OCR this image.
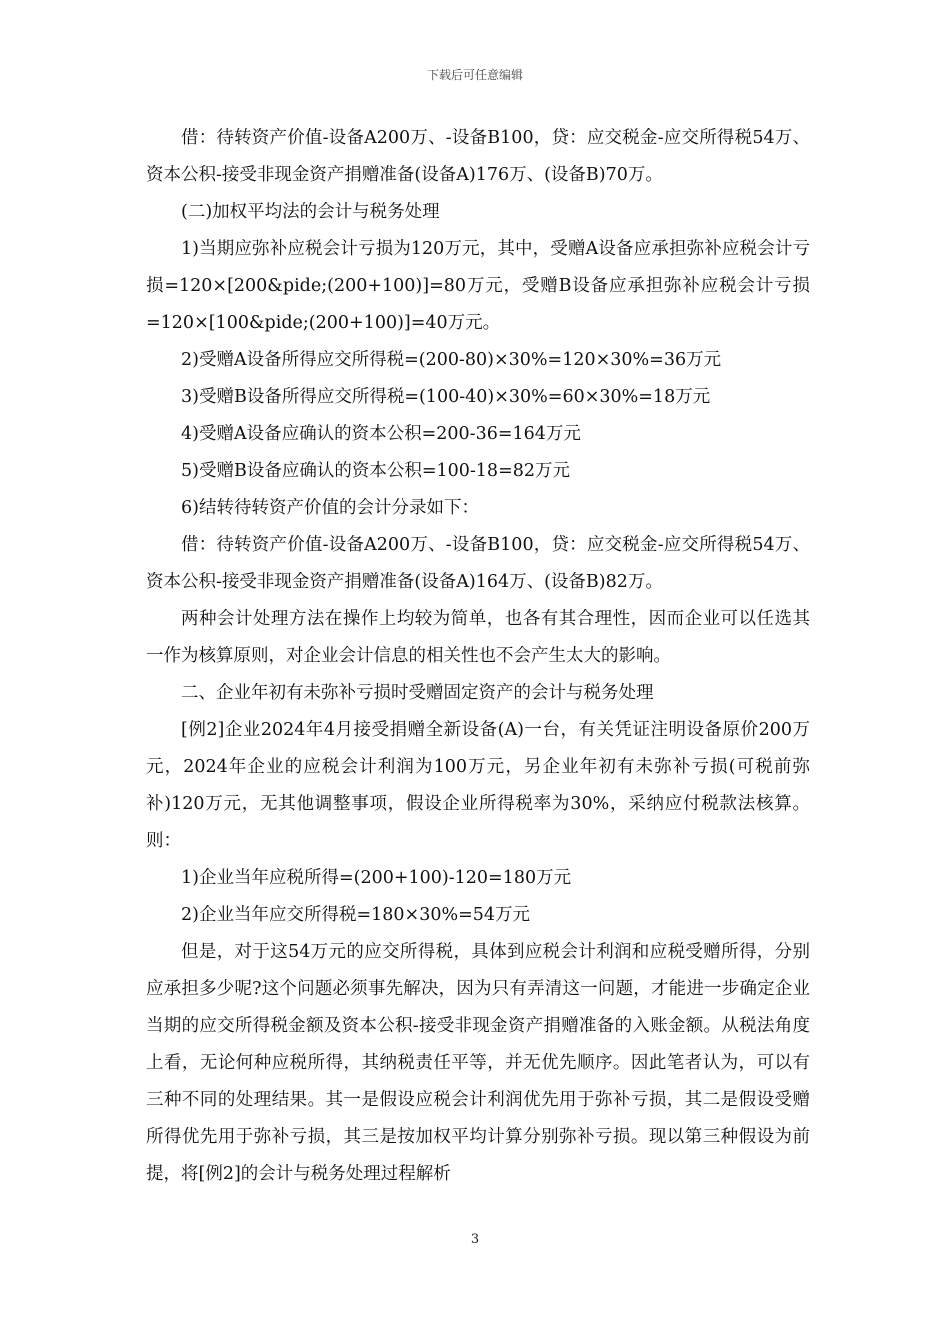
下载后可任意编辑

借：待转资产价值-设备A200万、-设备B100，贷：应交税金-应交所得税54万、资本公积-接受非现金资产捐赠准备(设备A)176万、(设备B)70万。

(二)加权平均法的会计与税务处理

1)当期应弥补应税会计亏损为120万元，其中，受赠A设备应承担弥补应税会计亏损=120×[200&pide;(200+100)]=80万元，受赠B设备应承担弥补应税会计亏损=120×[100&pide;(200+100)]=40万元。

2)受赠A设备所得应交所得税=(200-80)×30%=120×30%=36万元

3)受赠B设备所得应交所得税=(100-40)×30%=60×30%=18万元

4)受赠A设备应确认的资本公积=200-36=164万元

5)受赠B设备应确认的资本公积=100-18=82万元

6)结转待转资产价值的会计分录如下：

借：待转资产价值-设备A200万、-设备B100，贷：应交税金-应交所得税54万、资本公积-接受非现金资产捐赠准备(设备A)164万、(设备B)82万。

两种会计处理方法在操作上均较为简单，也各有其合理性，因而企业可以任选其一作为核算原则，对企业会计信息的相关性也不会产生太大的影响。

二、企业年初有未弥补亏损时受赠固定资产的会计与税务处理

[例2]企业2024年4月接受捐赠全新设备(A)一台，有关凭证注明设备原价200万元，2024年企业的应税会计利润为100万元，另企业年初有未弥补亏损(可税前弥补)120万元，无其他调整事项，假设企业所得税率为30%，采纳应付税款法核算。则：

1)企业当年应税所得=(200+100)-120=180万元

2)企业当年应交所得税=180×30%=54万元

但是，对于这54万元的应交所得税，具体到应税会计利润和应税受赠所得，分别应承担多少呢?这个问题必须事先解决，因为只有弄清这一问题，才能进一步确定企业当期的应交所得税金额及资本公积-接受非现金资产捐赠准备的入账金额。从税法角度上看，无论何种应税所得，其纳税责任平等，并无优先顺序。因此笔者认为，可以有三种不同的处理结果。其一是假设应税会计利润优先用于弥补亏损，其二是假设受赠所得优先用于弥补亏损，其三是按加权平均计算分别弥补亏损。现以第三种假设为前提，将[例2]的会计与税务处理过程解析

3
